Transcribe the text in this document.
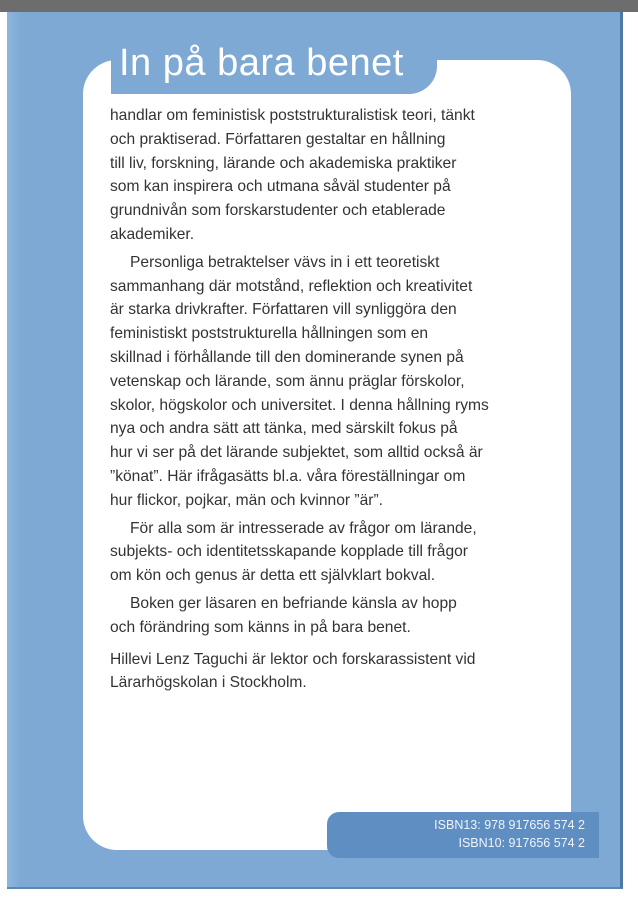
In på bara benet

handlar om feministisk poststrukturalistisk teori, tänkt
och praktiserad. Författaren gestaltar en hållning
till liv, forskning, lärande och akademiska praktiker
som kan inspirera och utmana såväl studenter på
grundnivån som forskarstudenter och etablerade
akademiker.

Personliga betraktelser vävs in i ett teoretiskt
sammanhang där motstånd, reflektion och kreativitet
är starka drivkrafter. Författaren vill synliggöra den
feministiskt poststrukturella hållningen som en
skillnad i förhållande till den dominerande synen på
vetenskap och lärande, som ännu präglar förskolor,
skolor, högskolor och universitet. I denna hållning ryms
nya och andra sätt att tänka, med särskilt fokus på
hur vi ser på det lärande subjektet, som alltid också är
”könat”. Här ifrågasätts bl.a. våra föreställningar om
hur flickor, pojkar, män och kvinnor ”är”.

För alla som är intresserade av frågor om lärande,
subjekts- och identitetsskapande kopplade till frågor
om kön och genus är detta ett självklart bokval.

Boken ger läsaren en befriande känsla av hopp
och förändring som känns in på bara benet.

Hillevi Lenz Taguchi är lektor och forskarassistent vid
Lärarhögskolan i Stockholm.

ISBN13: 978 917656 574 2
ISBN10: 917656 574 2
